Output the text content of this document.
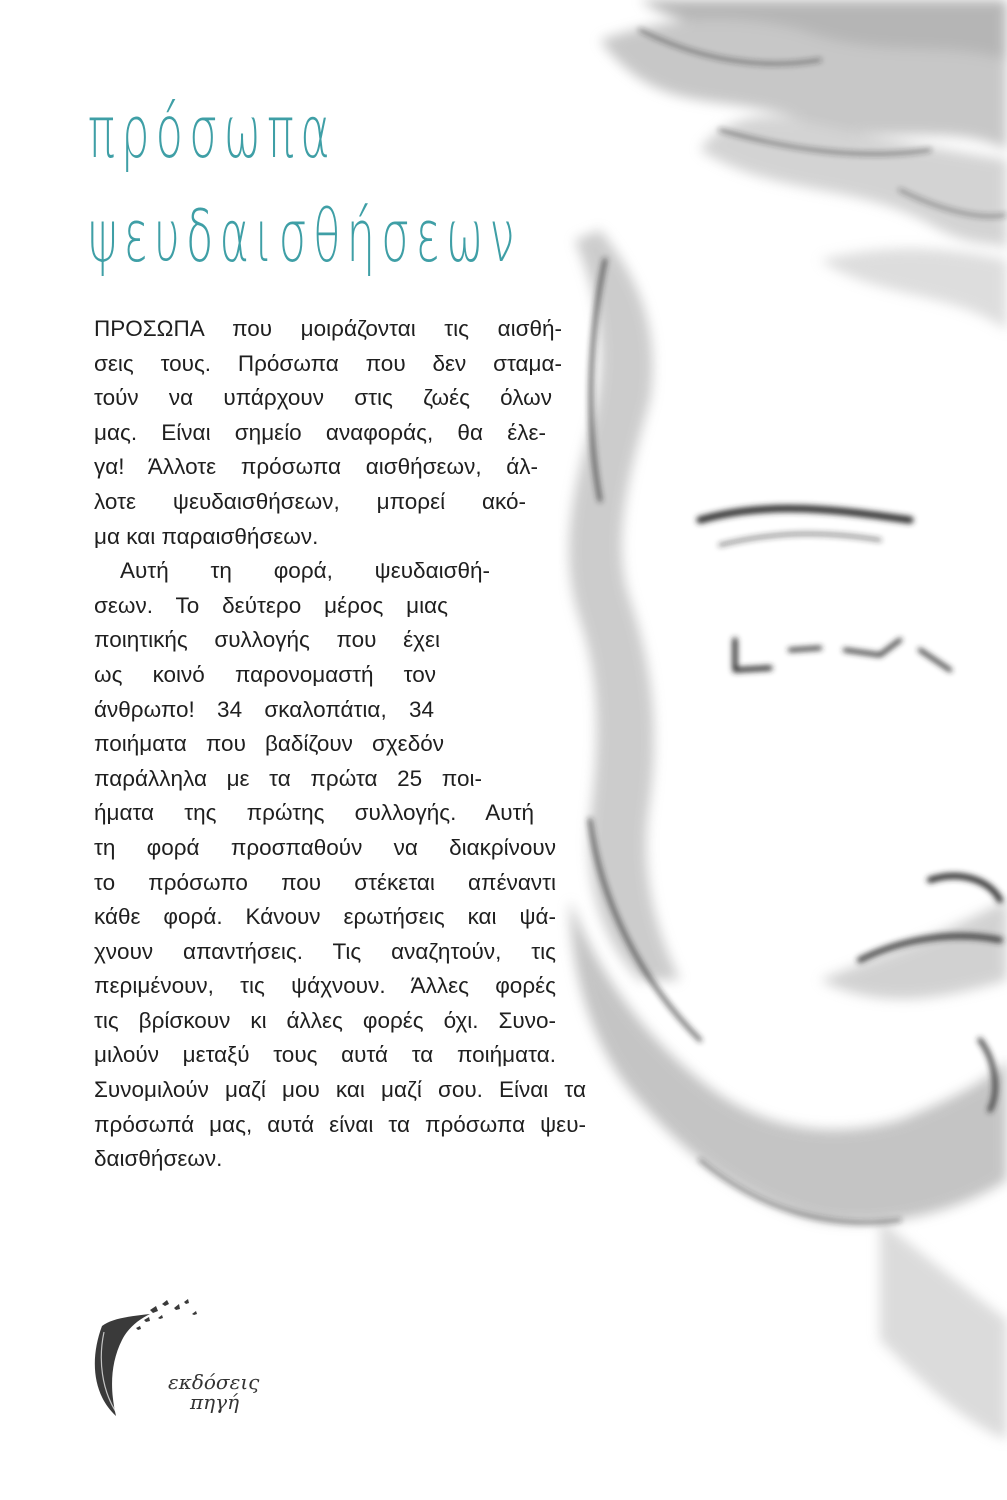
πρόσωπα
ψευδαισθήσεων
ΠΡΟΣΩΠΑ που μοιράζονται τις αισθή-
σεις τους. Πρόσωπα που δεν σταμα-
τούν να υπάρχουν στις ζωές όλων
μας. Είναι σημείο αναφοράς, θα έλε-
γα! Άλλοτε πρόσωπα αισθήσεων, άλ-
λοτε ψευδαισθήσεων, μπορεί ακό-
μα και παραισθήσεων.
Αυτή τη φορά, ψευδαισθή-
σεων. Το δεύτερο μέρος μιας
ποιητικής συλλογής που έχει
ως κοινό παρονομαστή τον
άνθρωπο! 34 σκαλοπάτια, 34
ποιήματα που βαδίζουν σχεδόν
παράλληλα με τα πρώτα 25 ποι-
ήματα της πρώτης συλλογής. Αυτή
τη φορά προσπαθούν να διακρίνουν
το πρόσωπο που στέκεται απέναντι
κάθε φορά. Κάνουν ερωτήσεις και ψά-
χνουν απαντήσεις. Τις αναζητούν, τις
περιμένουν, τις ψάχνουν. Άλλες φορές
τις βρίσκουν κι άλλες φορές όχι. Συνο-
μιλούν μεταξύ τους αυτά τα ποιήματα.
Συνομιλούν μαζί μου και μαζί σου. Είναι τα
πρόσωπά μας, αυτά είναι τα πρόσωπα ψευ-
δαισθήσεων.
εκδόσεις
πηγή
